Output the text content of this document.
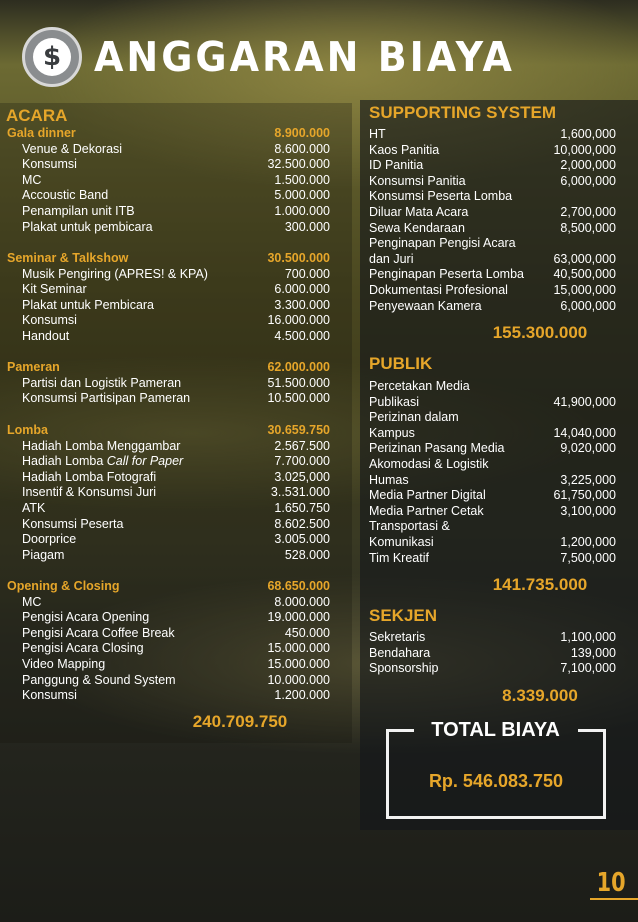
$ ANGGARAN BIAYA
ACARA
Gala dinner	8.900.000
Venue & Dekorasi	8.600.000
Konsumsi	32.500.000
MC	1.500.000
Accoustic Band	5.000.000
Penampilan unit ITB	1.000.000
Plakat untuk pembicara	300.000
Seminar & Talkshow	30.500.000
Musik Pengiring (APRES! & KPA)	700.000
Kit Seminar	6.000.000
Plakat untuk Pembicara	3.300.000
Konsumsi	16.000.000
Handout	4.500.000
Pameran	62.000.000
Partisi dan Logistik Pameran	51.500.000
Konsumsi Partisipan Pameran	10.500.000
Lomba	30.659.750
Hadiah Lomba Menggambar	2.567.500
Hadiah Lomba Call for Paper	7.700.000
Hadiah Lomba Fotografi	3.025,000
Insentif & Konsumsi Juri	3..531.000
ATK	1.650.750
Konsumsi Peserta	8.602.500
Doorprice	3.005.000
Piagam	528.000
Opening & Closing	68.650.000
MC	8.000.000
Pengisi Acara Opening	19.000.000
Pengisi Acara Coffee Break	450.000
Pengisi Acara Closing	15.000.000
Video Mapping	15.000.000
Panggung & Sound System	10.000.000
Konsumsi	1.200.000
240.709.750
SUPPORTING SYSTEM
HT	1,600,000
Kaos Panitia	10,000,000
ID Panitia	2,000,000
Konsumsi Panitia	6,000,000
Konsumsi Peserta Lomba
Diluar Mata Acara	2,700,000
Sewa Kendaraan	8,500,000
Penginapan Pengisi Acara
dan Juri	63,000,000
Penginapan Peserta Lomba	40,500,000
Dokumentasi Profesional	15,000,000
Penyewaan Kamera	6,000,000
155.300.000
PUBLIK
Percetakan Media
Publikasi	41,900,000
Perizinan dalam
Kampus	14,040,000
Perizinan Pasang Media	9,020,000
Akomodasi & Logistik
Humas	3,225,000
Media Partner Digital	61,750,000
Media Partner Cetak	3,100,000
Transportasi &
Komunikasi	1,200,000
Tim Kreatif	7,500,000
141.735.000
SEKJEN
Sekretaris	1,100,000
Bendahara	139,000
Sponsorship	7,100,000
8.339.000
TOTAL BIAYA
Rp. 546.083.750
10
